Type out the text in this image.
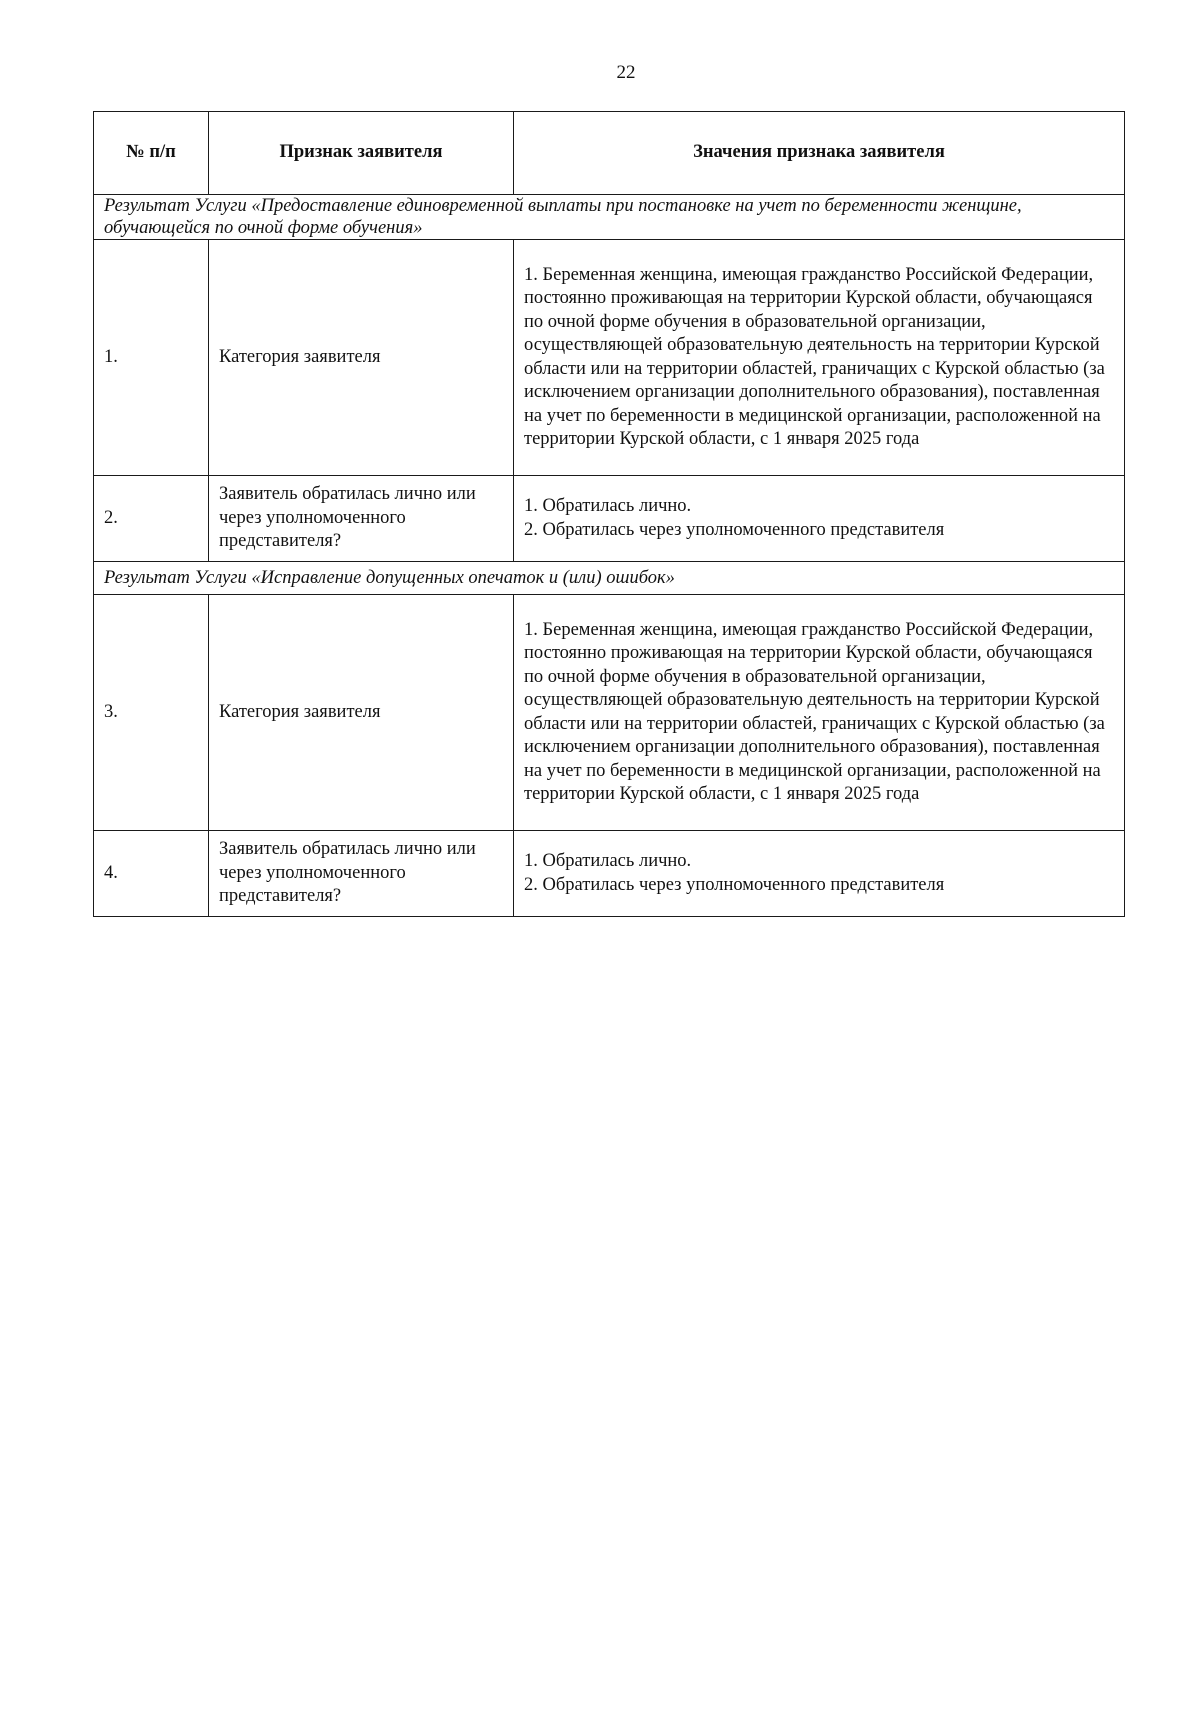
22
№ п/п	Признак заявителя	Значения признака заявителя
Результат Услуги «Предоставление единовременной выплаты при постановке на учет по беременности женщине, обучающейся по очной форме обучения»		
1.	Категория заявителя	1. Беременная женщина, имеющая гражданство Российской Федерации, постоянно проживающая на территории Курской области, обучающаяся по очной форме обучения в образовательной организации, осуществляющей образовательную деятельность на территории Курской области или на территории областей, граничащих с Курской областью (за исключением организации дополнительного образования), поставленная на учет по беременности в медицинской организации, расположенной на территории Курской области, с 1 января 2025 года
2.	Заявитель обратилась лично или через уполномоченного представителя?	1. Обратилась лично.
2. Обратилась через уполномоченного представителя

Результат Услуги «Исправление допущенных опечаток и (или) ошибок»		
3.	Категория заявителя	1. Беременная женщина, имеющая гражданство Российской Федерации, постоянно проживающая на территории Курской области, обучающаяся по очной форме обучения в образовательной организации, осуществляющей образовательную деятельность на территории Курской области или на территории областей, граничащих с Курской областью (за исключением организации дополнительного образования), поставленная на учет по беременности в медицинской организации, расположенной на территории Курской области, с 1 января 2025 года
4.	Заявитель обратилась лично или через уполномоченного представителя?	1. Обратилась лично.
2. Обратилась через уполномоченного представителя
